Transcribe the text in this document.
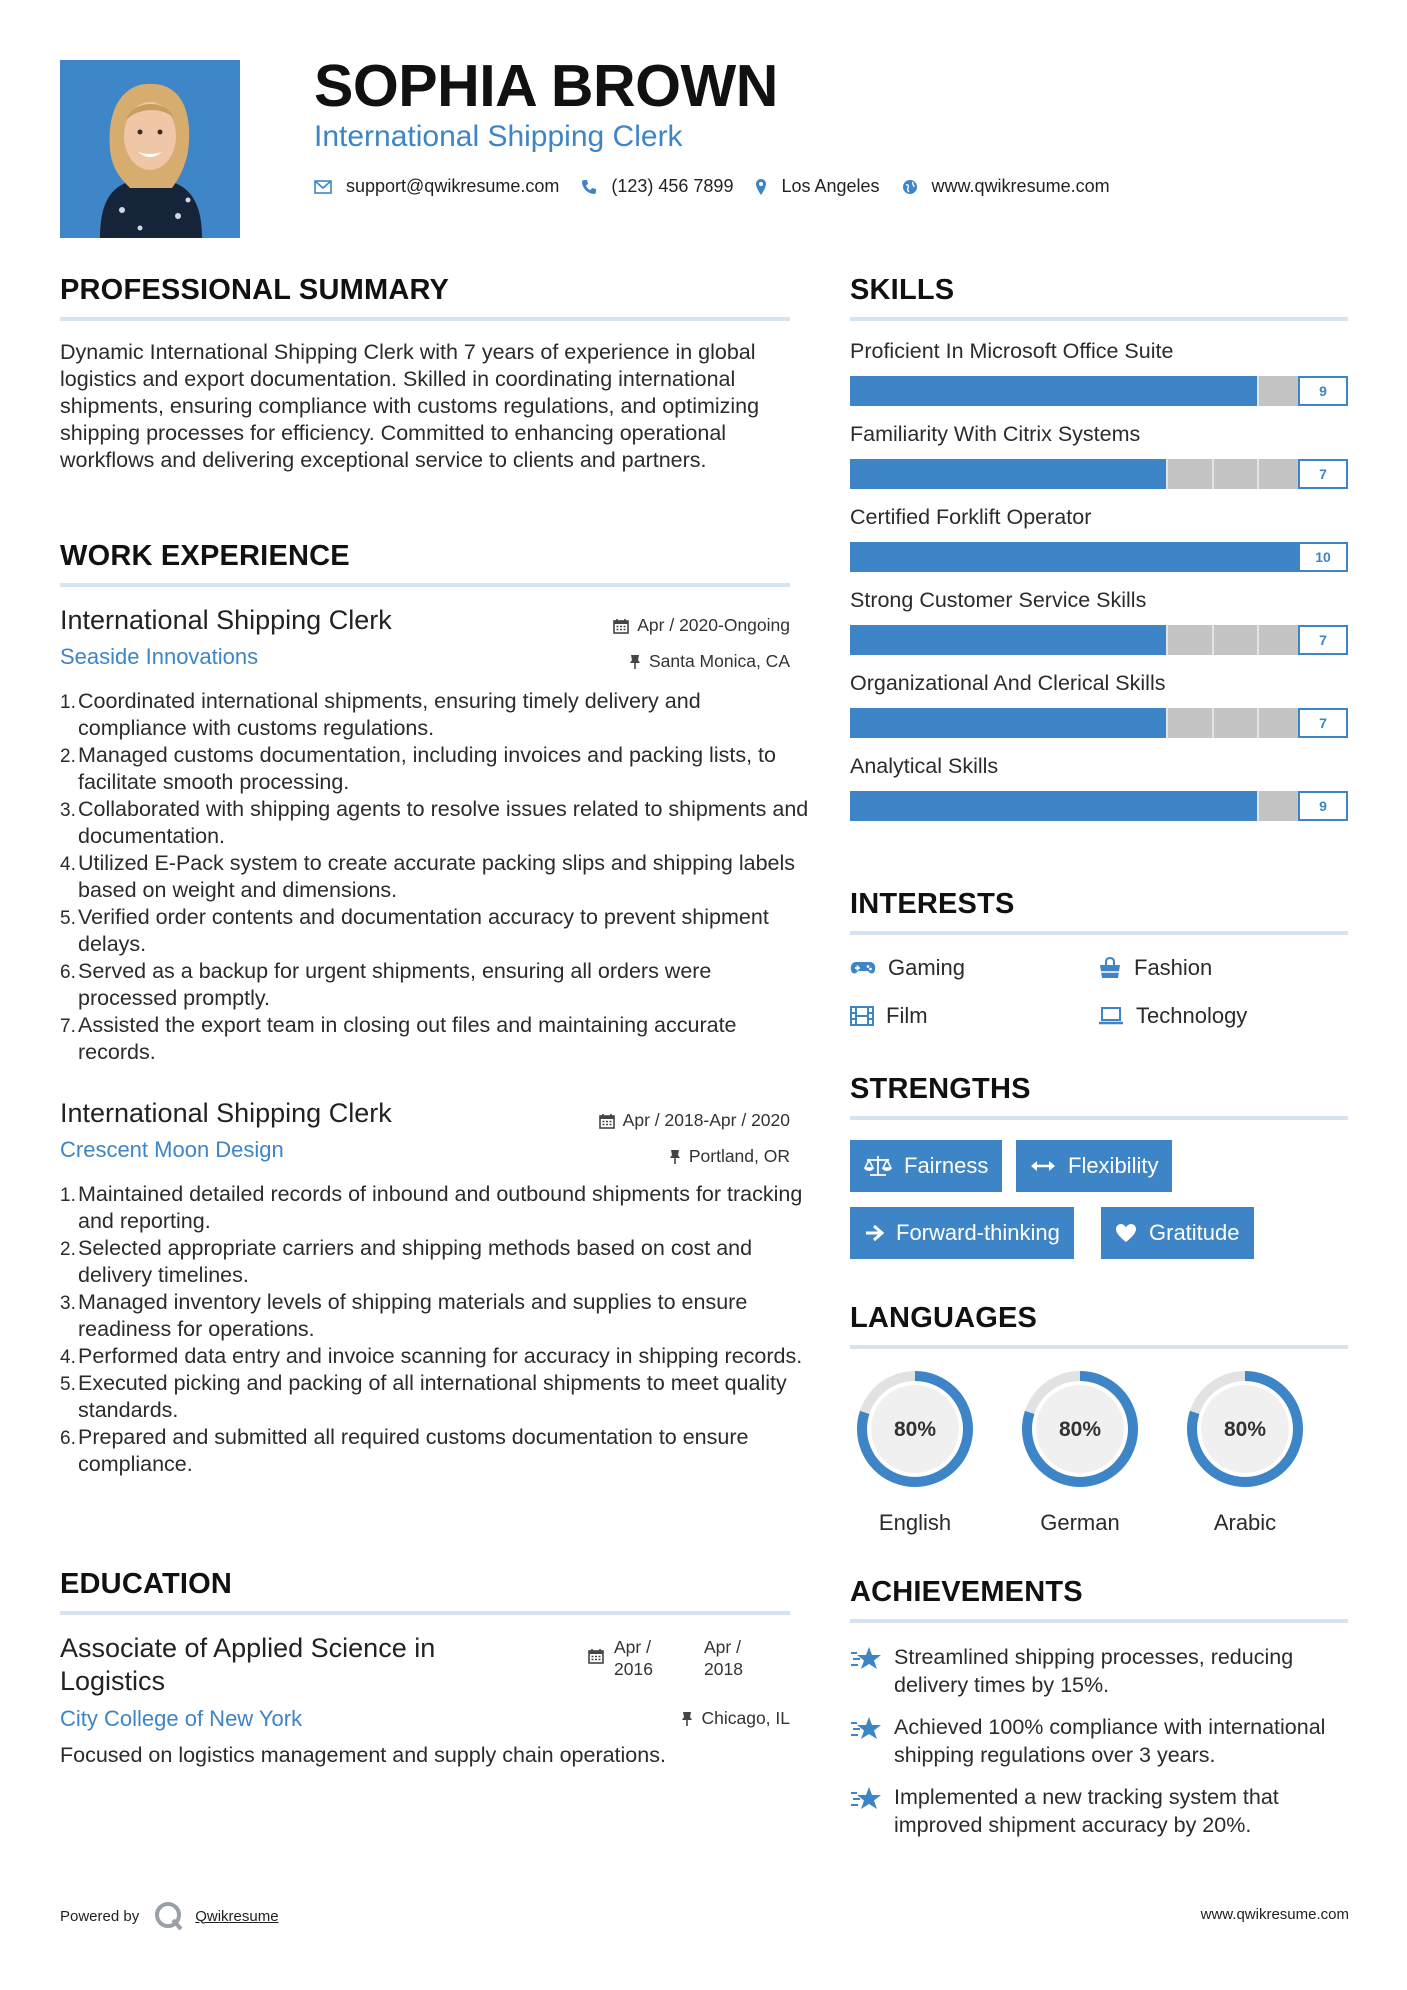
SOPHIA BROWN
International Shipping Clerk
support@qwikresume.com	(123) 456 7899	Los Angeles	www.qwikresume.com
PROFESSIONAL SUMMARY
Dynamic International Shipping Clerk with 7 years of experience in global logistics and export documentation. Skilled in coordinating international shipments, ensuring compliance with customs regulations, and optimizing shipping processes for efficiency. Committed to enhancing operational workflows and delivering exceptional service to clients and partners.
WORK EXPERIENCE
International Shipping Clerk	Apr / 2020-Ongoing
Seaside Innovations	Santa Monica, CA
Coordinated international shipments, ensuring timely delivery and compliance with customs regulations.
Managed customs documentation, including invoices and packing lists, to facilitate smooth processing.
Collaborated with shipping agents to resolve issues related to shipments and documentation.
Utilized E-Pack system to create accurate packing slips and shipping labels based on weight and dimensions.
Verified order contents and documentation accuracy to prevent shipment delays.
Served as a backup for urgent shipments, ensuring all orders were processed promptly.
Assisted the export team in closing out files and maintaining accurate records.
International Shipping Clerk	Apr / 2018-Apr / 2020
Crescent Moon Design	Portland, OR
Maintained detailed records of inbound and outbound shipments for tracking and reporting.
Selected appropriate carriers and shipping methods based on cost and delivery timelines.
Managed inventory levels of shipping materials and supplies to ensure readiness for operations.
Performed data entry and invoice scanning for accuracy in shipping records.
Executed picking and packing of all international shipments to meet quality standards.
Prepared and submitted all required customs documentation to ensure compliance.
EDUCATION
Associate of Applied Science in
Logistics
Apr /
2016
Apr /
2018
City College of New York	Chicago, IL
Focused on logistics management and supply chain operations.
SKILLS
Proficient In Microsoft Office Suite
9
Familiarity With Citrix Systems
7
Certified Forklift Operator
10
Strong Customer Service Skills
7
Organizational And Clerical Skills
7
Analytical Skills
9
INTERESTS
Gaming	Fashion
Film	Technology
STRENGTHS
Fairness	Flexibility
Forward-thinking	Gratitude
LANGUAGES
80%
English
80%
German
80%
Arabic
ACHIEVEMENTS
Streamlined shipping processes, reducing delivery times by 15%.
Achieved 100% compliance with international shipping regulations over 3 years.
Implemented a new tracking system that improved shipment accuracy by 20%.
Powered by	Qwikresume	www.qwikresume.com
